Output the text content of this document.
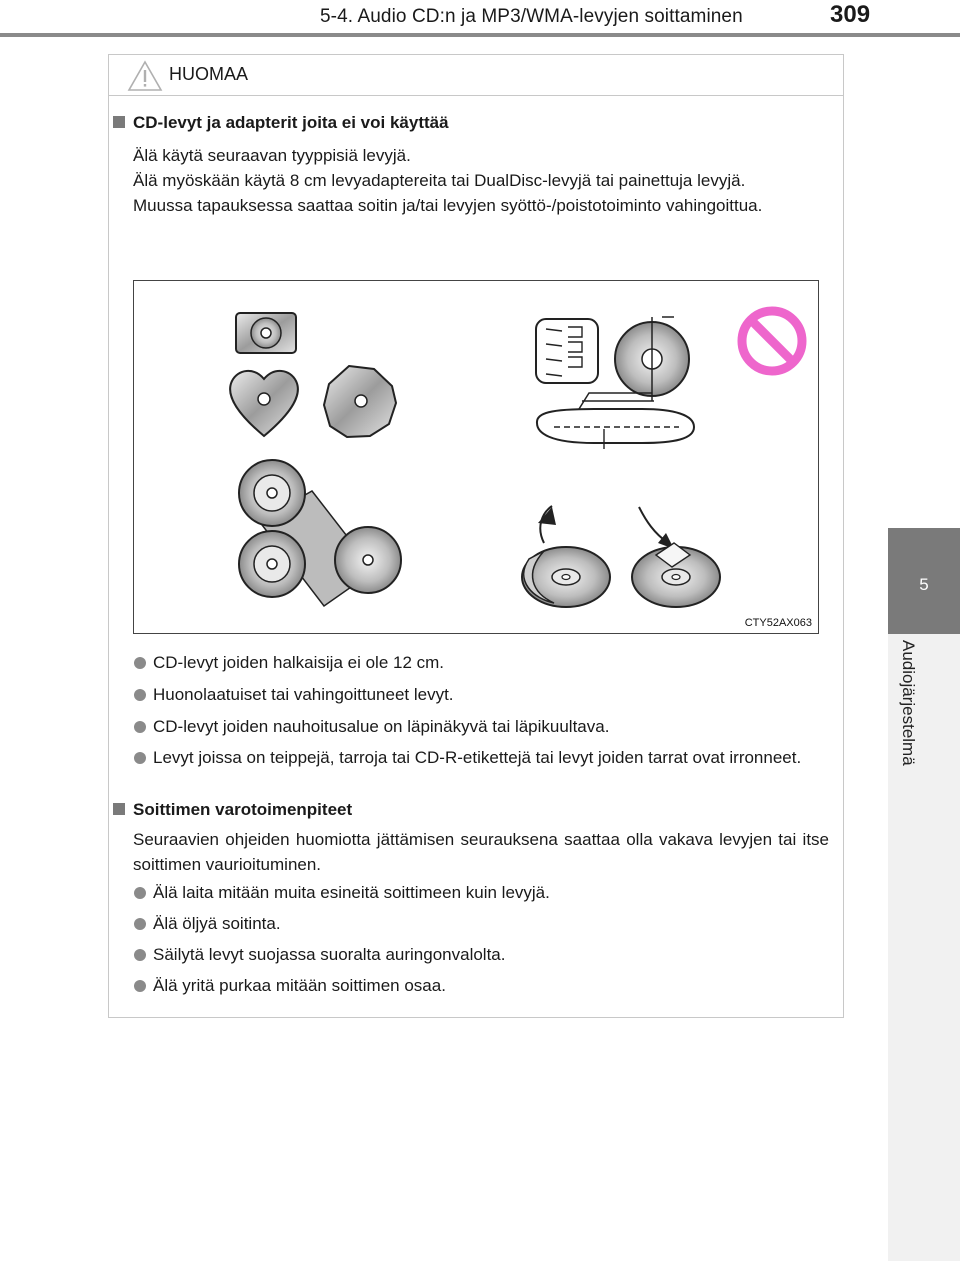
5-4. Audio CD:n ja MP3/WMA-levyjen soittaminen	309
5
Audiojärjestelmä
HUOMAA
CD-levyt ja adapterit joita ei voi käyttää
Älä käytä seuraavan tyyppisiä levyjä.
Älä myöskään käytä 8 cm levyadaptereita tai DualDisc-levyjä tai painettuja levyjä.
Muussa tapauksessa saattaa soitin ja/tai levyjen syöttö-/poistotoiminto vahingoittua.
CTY52AX063
CD-levyt joiden halkaisija ei ole 12 cm.
Huonolaatuiset tai vahingoittuneet levyt.
CD-levyt joiden nauhoitusalue on läpinäkyvä tai läpikuultava.
Levyt joissa on teippejä, tarroja tai CD-R-etikettejä tai levyt joiden tarrat ovat irronneet.
Soittimen varotoimenpiteet
Seuraavien ohjeiden huomiotta jättämisen seurauksena saattaa olla vakava levyjen tai itse soittimen vaurioituminen.
Älä laita mitään muita esineitä soittimeen kuin levyjä.
Älä öljyä soitinta.
Säilytä levyt suojassa suoralta auringonvalolta.
Älä yritä purkaa mitään soittimen osaa.
